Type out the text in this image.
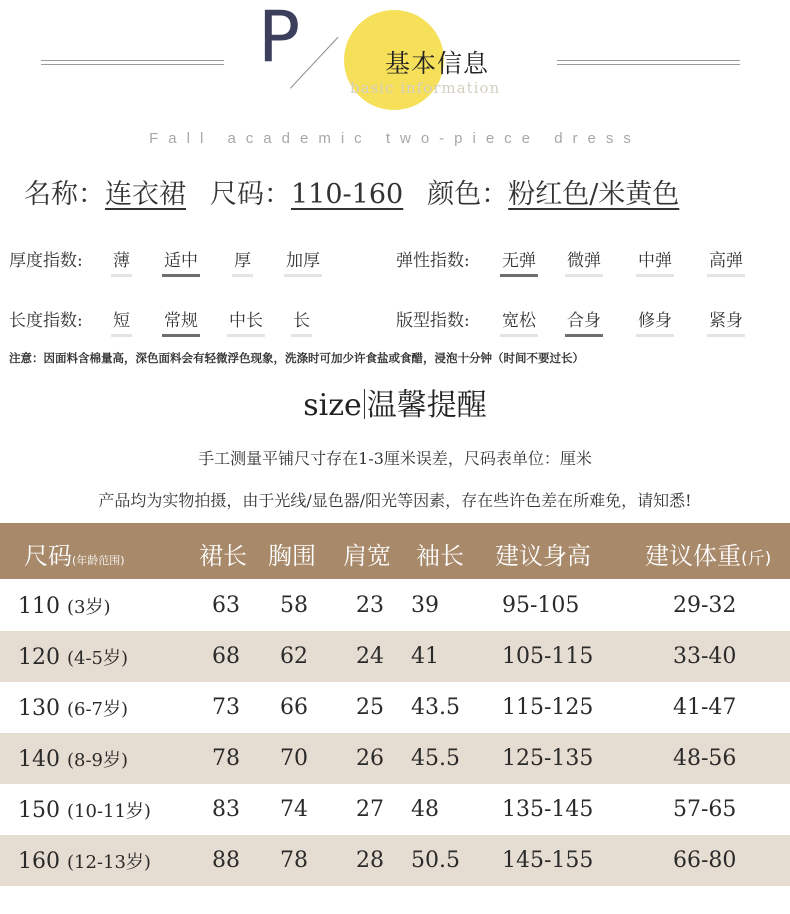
P	基本信息
basic information
Fall academic two-piece dress
名称：连衣裙 尺码：110-160 颜色：粉红色/米黄色
厚度指数: 薄 适中 厚 加厚	弹性指数: 无弹 微弹 中弹 高弹
长度指数: 短 常规 中长 长	版型指数: 宽松 合身 修身 紧身
注意：因面料含棉量高，深色面料会有轻微浮色现象，洗涤时可加少许食盐或食醋，浸泡十分钟（时间不要过长）
size 温馨提醒
手工测量平铺尺寸存在1-3厘米误差，尺码表单位：厘米
产品均为实物拍摄，由于光线/显色器/阳光等因素，存在些许色差在所难免，请知悉!
尺码(年龄范围)	裙长 胸围 肩宽 袖长 建议身高 建议体重(斤)
110 (3岁)	63 58 23 39	95-105	29-32
120 (4-5岁)	68 62 24 41	105-115	33-40
130 (6-7岁)	73 66 25 43.5 115-125	41-47
140 (8-9岁)	78 70 26 45.5 125-135	48-56
150 (10-11岁)	83 74 27 48	135-145	57-65
160 (12-13岁)	88 78 28 50.5 145-155	66-80
